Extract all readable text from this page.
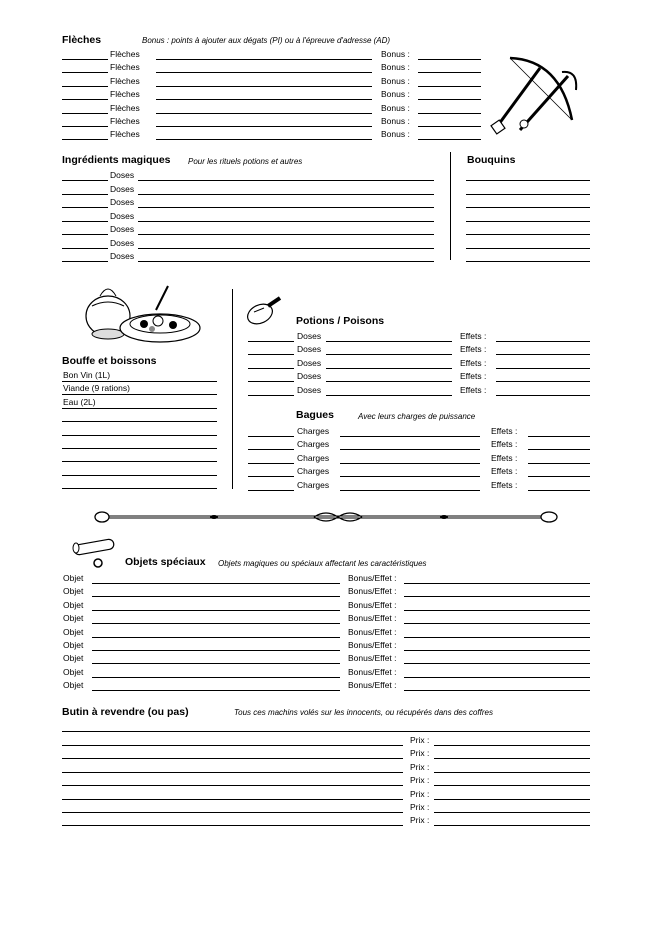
Flèches	Bonus : points à ajouter aux dégats (PI) ou à l'épreuve d'adresse (AD)
Flèches	Bonus :
Flèches	Bonus :
Flèches	Bonus :
Flèches	Bonus :
Flèches	Bonus :
Flèches	Bonus :
Flèches	Bonus :
Ingrédients magiques Pour les rituels potions et autres
Doses
Doses
Doses
Doses
Doses
Doses
Doses
Bouquins
Bouffe et boissons
Bon Vin (1L)
Viande (9 rations)
Eau (2L)
Potions / Poisons
Doses	Effets :
Doses	Effets :
Doses	Effets :
Doses	Effets :
Doses	Effets :
Bagues	Avec leurs charges de puissance
Charges	Effets :
Charges	Effets :
Charges	Effets :
Charges	Effets :
Charges	Effets :
Objets spéciaux Objets magiques ou spéciaux affectant les caractéristiques
Objet	Bonus/Effet :
Objet	Bonus/Effet :
Objet	Bonus/Effet :
Objet	Bonus/Effet :
Objet	Bonus/Effet :
Objet	Bonus/Effet :
Objet	Bonus/Effet :
Objet	Bonus/Effet :
Objet	Bonus/Effet :
Butin à revendre (ou pas)	Tous ces machins volés sur les innocents, ou récupérés dans des coffres
Prix :
Prix :
Prix :
Prix :
Prix :
Prix :
Prix :
